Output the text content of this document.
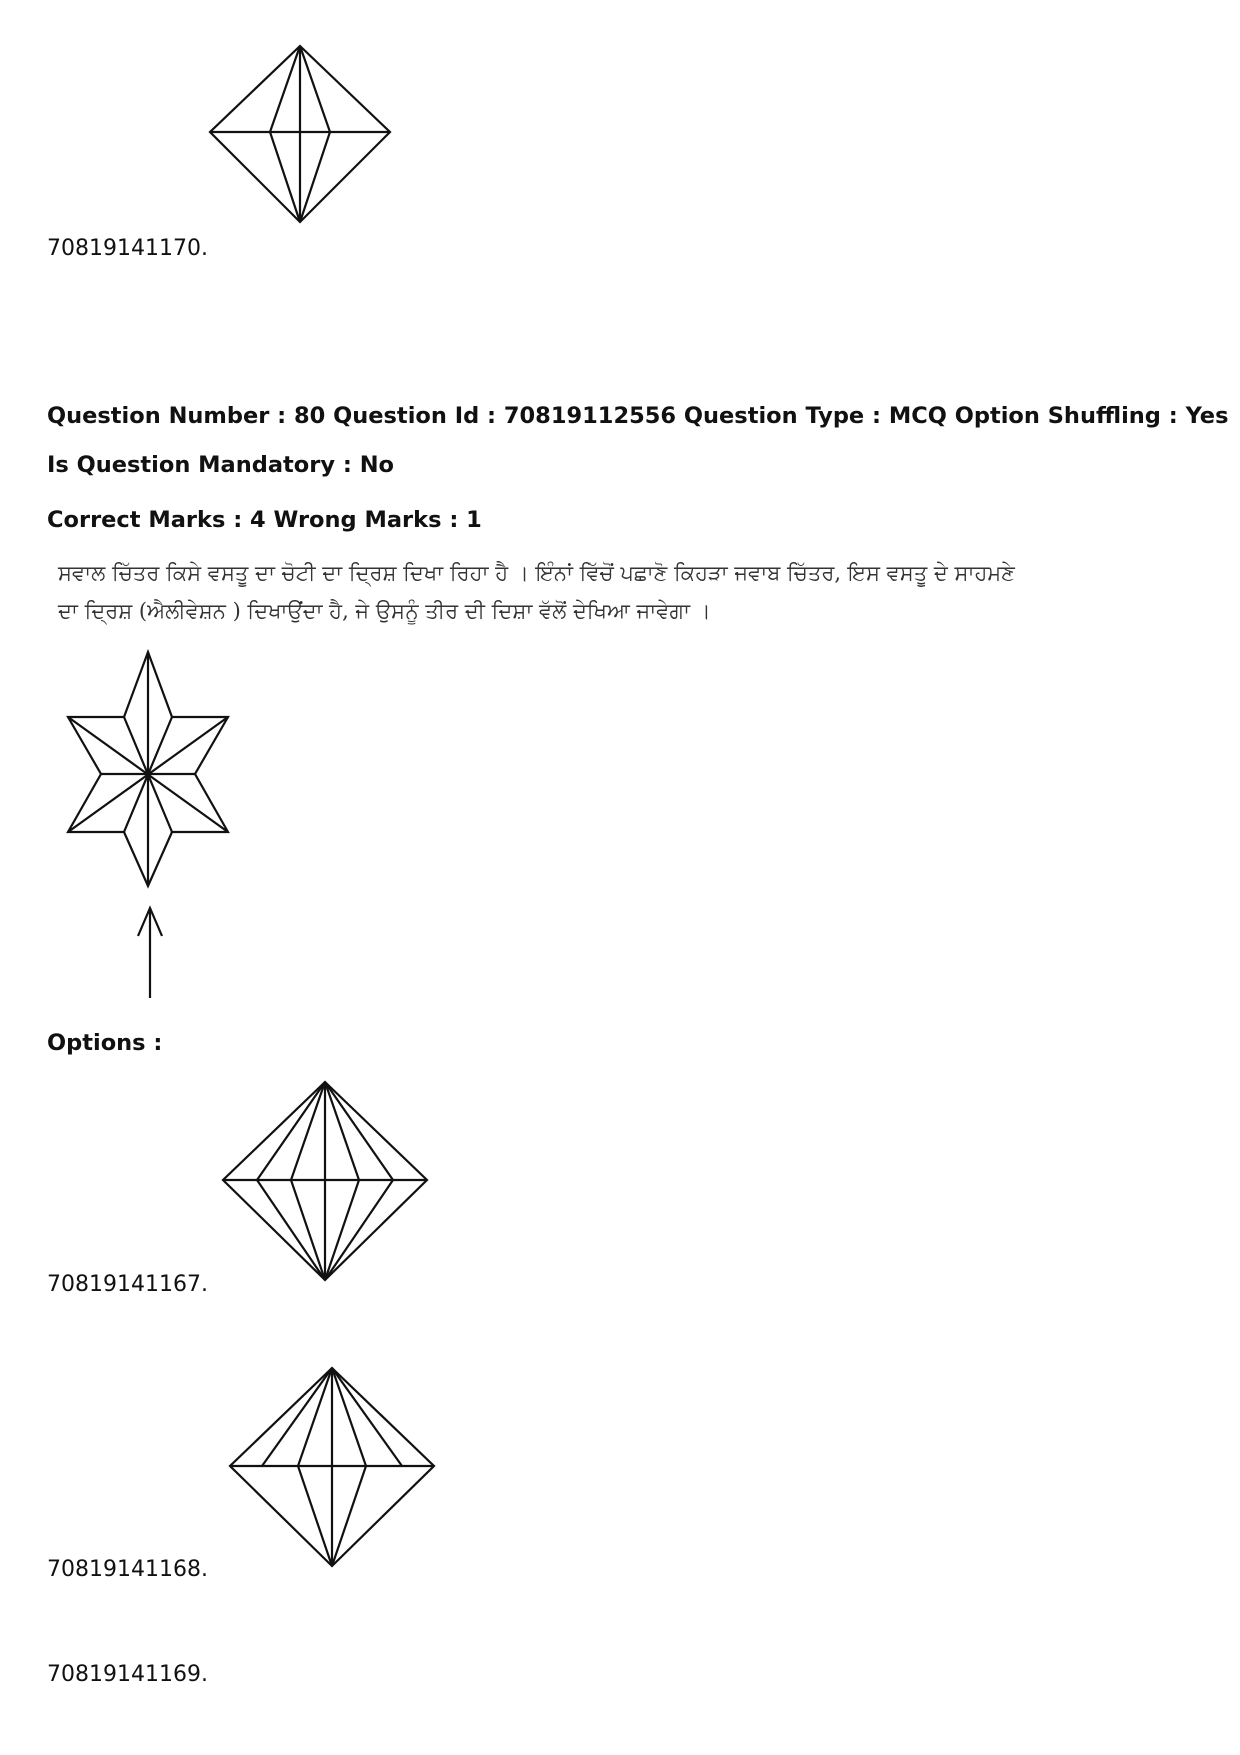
70819141170.
Question Number : 80 Question Id : 70819112556 Question Type : MCQ Option Shuffling : Yes
Is Question Mandatory : No
Correct Marks : 4 Wrong Marks : 1
ਸਵਾਲ ਚਿੱਤਰ ਕਿਸੇ ਵਸਤੂ ਦਾ ਚੋਟੀ ਦਾ ਦ੍ਰਿਸ਼ ਦਿਖਾ ਰਿਹਾ ਹੈ । ਇੰਨਾਂ ਵਿੱਚੋਂ ਪਛਾਣੋ ਕਿਹੜਾ ਜਵਾਬ ਚਿੱਤਰ, ਇਸ ਵਸਤੂ ਦੇ ਸਾਹਮਣੇ
ਦਾ ਦ੍ਰਿਸ਼ (ਐਲੀਵੇਸ਼ਨ ) ਦਿਖਾਉਂਦਾ ਹੈ, ਜੇ ਉਸਨੂੰ ਤੀਰ ਦੀ ਦਿਸ਼ਾ ਵੱਲੋਂ ਦੇਖਿਆ ਜਾਵੇਗਾ ।
Options :
70819141167.
70819141168.
70819141169.
